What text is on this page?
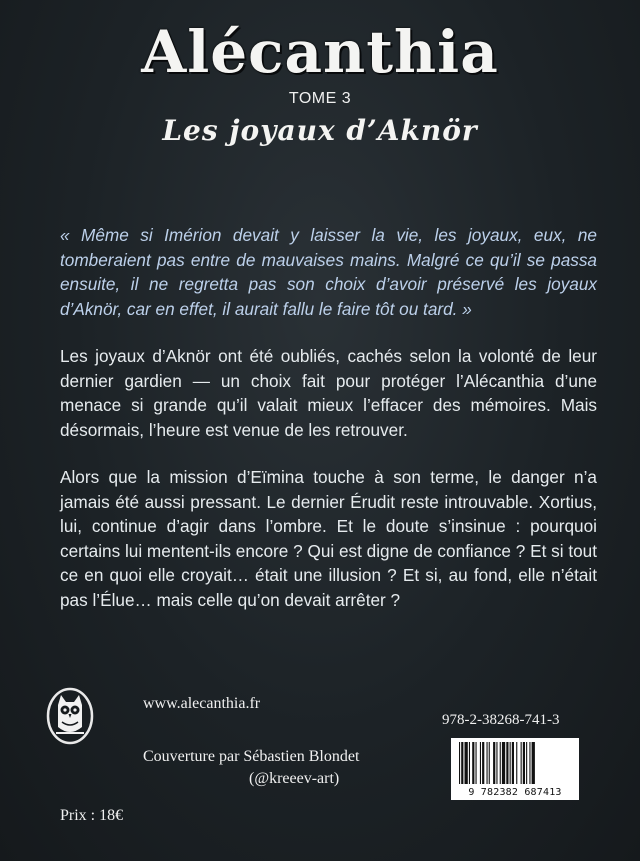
Alécanthia
TOME 3
Les joyaux d’Aknör
« Même si Imérion devait y laisser la vie, les joyaux, eux, ne tomberaient pas entre de mauvaises mains. Malgré ce qu’il se passa ensuite, il ne regretta pas son choix d’avoir préservé les joyaux d’Aknör, car en effet, il aurait fallu le faire tôt ou tard. »
Les joyaux d’Aknör ont été oubliés, cachés selon la volonté de leur dernier gardien — un choix fait pour protéger l’Alécanthia d’une menace si grande qu’il valait mieux l’effacer des mémoires. Mais désormais, l’heure est venue de les retrouver.
Alors que la mission d’Eïmina touche à son terme, le danger n’a jamais été aussi pressant. Le dernier Érudit reste introuvable. Xortius, lui, continue d’agir dans l’ombre. Et le doute s’insinue : pourquoi certains lui mentent-ils encore ? Qui est digne de confiance ? Et si tout ce en quoi elle croyait… était une illusion ? Et si, au fond, elle n’était pas l’Élue… mais celle qu’on devait arrêter ?
www.alecanthia.fr
Couverture par Sébastien Blondet
(@kreeev-art)
Prix : 18€
978-2-38268-741-3
9 782382 687413
